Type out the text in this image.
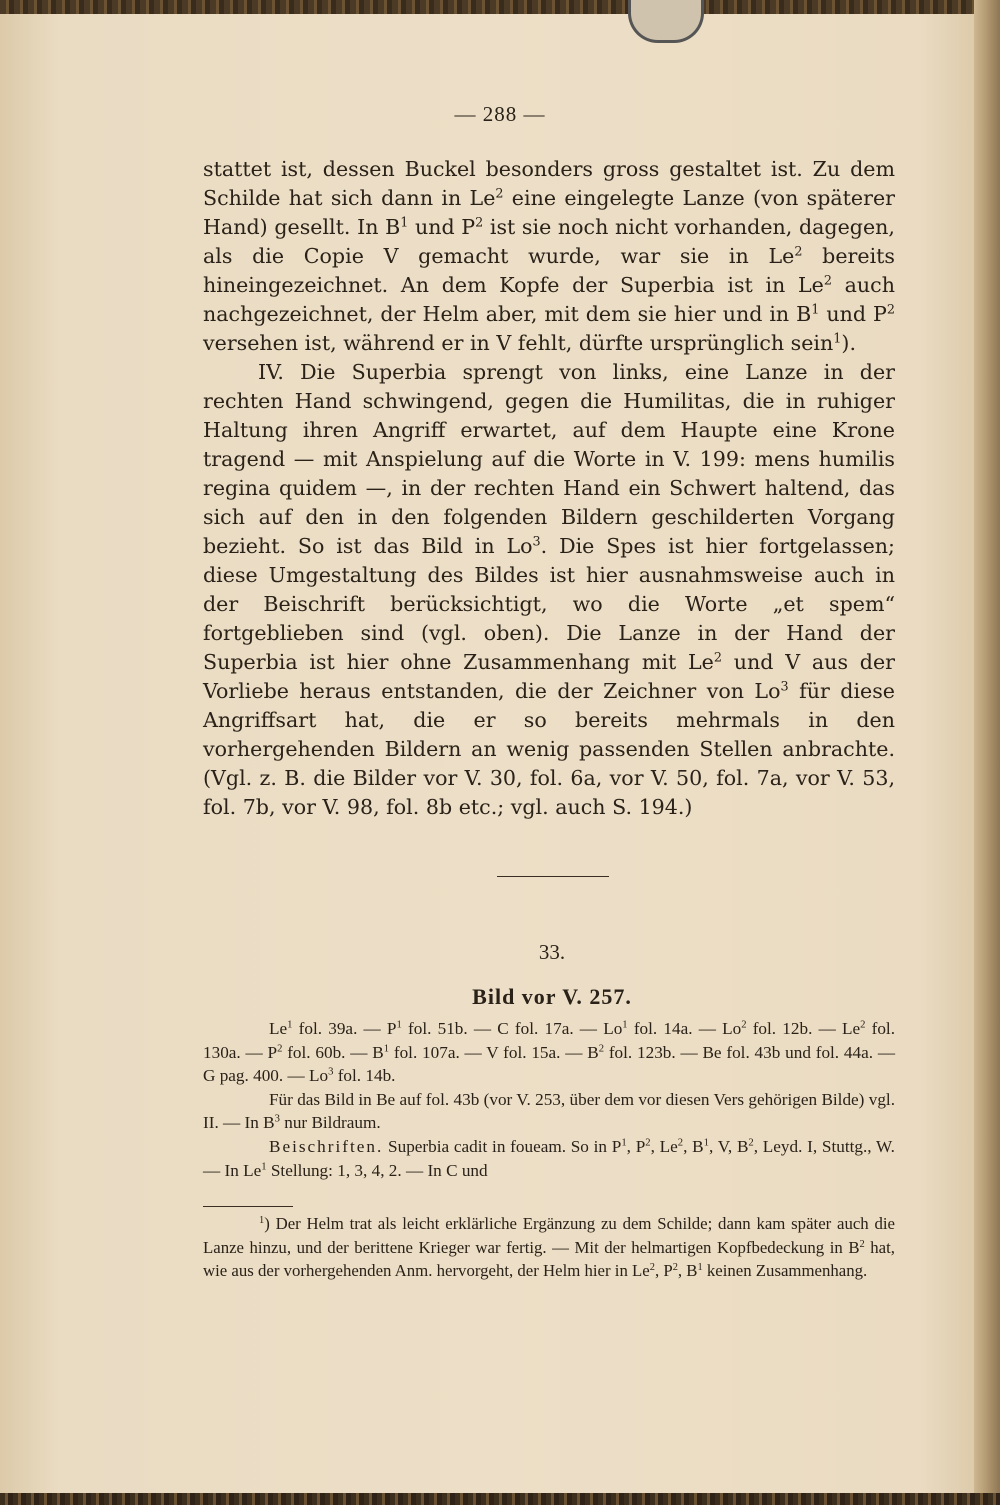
— 288 —

stattet ist, dessen Buckel besonders gross gestaltet ist. Zu dem Schilde hat sich dann in Le$^2$ eine eingelegte Lanze (von späterer Hand) gesellt. In $B^1$ und $P^2$ ist sie noch nicht vorhanden, dagegen, als die Copie V gemacht wurde, war sie in Le$^2$ bereits hineingezeichnet. An dem Kopfe der Superbia ist in Le$^2$ auch nachgezeichnet, der Helm aber, mit dem sie hier und in $B^1$ und $P^2$ versehen ist, während er in V fehlt, dürfte ursprünglich sein$^1$).

IV. Die Superbia sprengt von links, eine Lanze in der rechten Hand schwingend, gegen die Humilitas, die in ruhiger Haltung ihren Angriff erwartet, auf dem Haupte eine Krone tragend — mit Anspielung auf die Worte in V. 199: mens humilis regina quidem —, in der rechten Hand ein Schwert haltend, das sich auf den in den folgenden Bildern geschilderten Vorgang bezieht. So ist das Bild in Lo$^3$. Die Spes ist hier fortgelassen; diese Umgestaltung des Bildes ist hier ausnahmsweise auch in der Beischrift berücksichtigt, wo die Worte „et spem“ fortgeblieben sind (vgl. oben). Die Lanze in der Hand der Superbia ist hier ohne Zusammenhang mit Le$^2$ und V aus der Vorliebe heraus entstanden, die der Zeichner von Lo$^3$ für diese Angriffsart hat, die er so bereits mehrmals in den vorhergehenden Bildern an wenig passenden Stellen anbrachte. (Vgl. z. B. die Bilder vor V. 30, fol. 6a, vor V. 50, fol. 7a, vor V. 53, fol. 7b, vor V. 98, fol. 8b etc.; vgl. auch S. 194.)

33.
Bild vor V. 257.

Le$^1$ fol. 39a. — $P^1$ fol. 51b. — C fol. 17a. — Lo$^1$ fol. 14a. — Lo$^2$ fol. 12b. — Le$^2$ fol. 130a. — $P^2$ fol. 60b. — $B^1$ fol. 107a. — V fol. 15a. — $B^2$ fol. 123b. — Be fol. 43b und fol. 44a. — G pag. 400. — Lo$^3$ fol. 14b.

Für das Bild in Be auf fol. 43b (vor V. 253, über dem vor diesen Vers gehörigen Bilde) vgl. II. — In $B^3$ nur Bildraum.

Beischriften. Superbia cadit in foueam. So in $P^1$, $P^2$, Le$^2$, $B^1$, V, $B^2$, Leyd. I, Stuttg., W. — In Le$^1$ Stellung: 1, 3, 4, 2. — In C und

$^1$) Der Helm trat als leicht erklärliche Ergänzung zu dem Schilde; dann kam später auch die Lanze hinzu, und der berittene Krieger war fertig. — Mit der helmartigen Kopfbedeckung in $B^2$ hat, wie aus der vorhergehenden Anm. hervorgeht, der Helm hier in Le$^2$, $P^2$, $B^1$ keinen Zusammenhang.
